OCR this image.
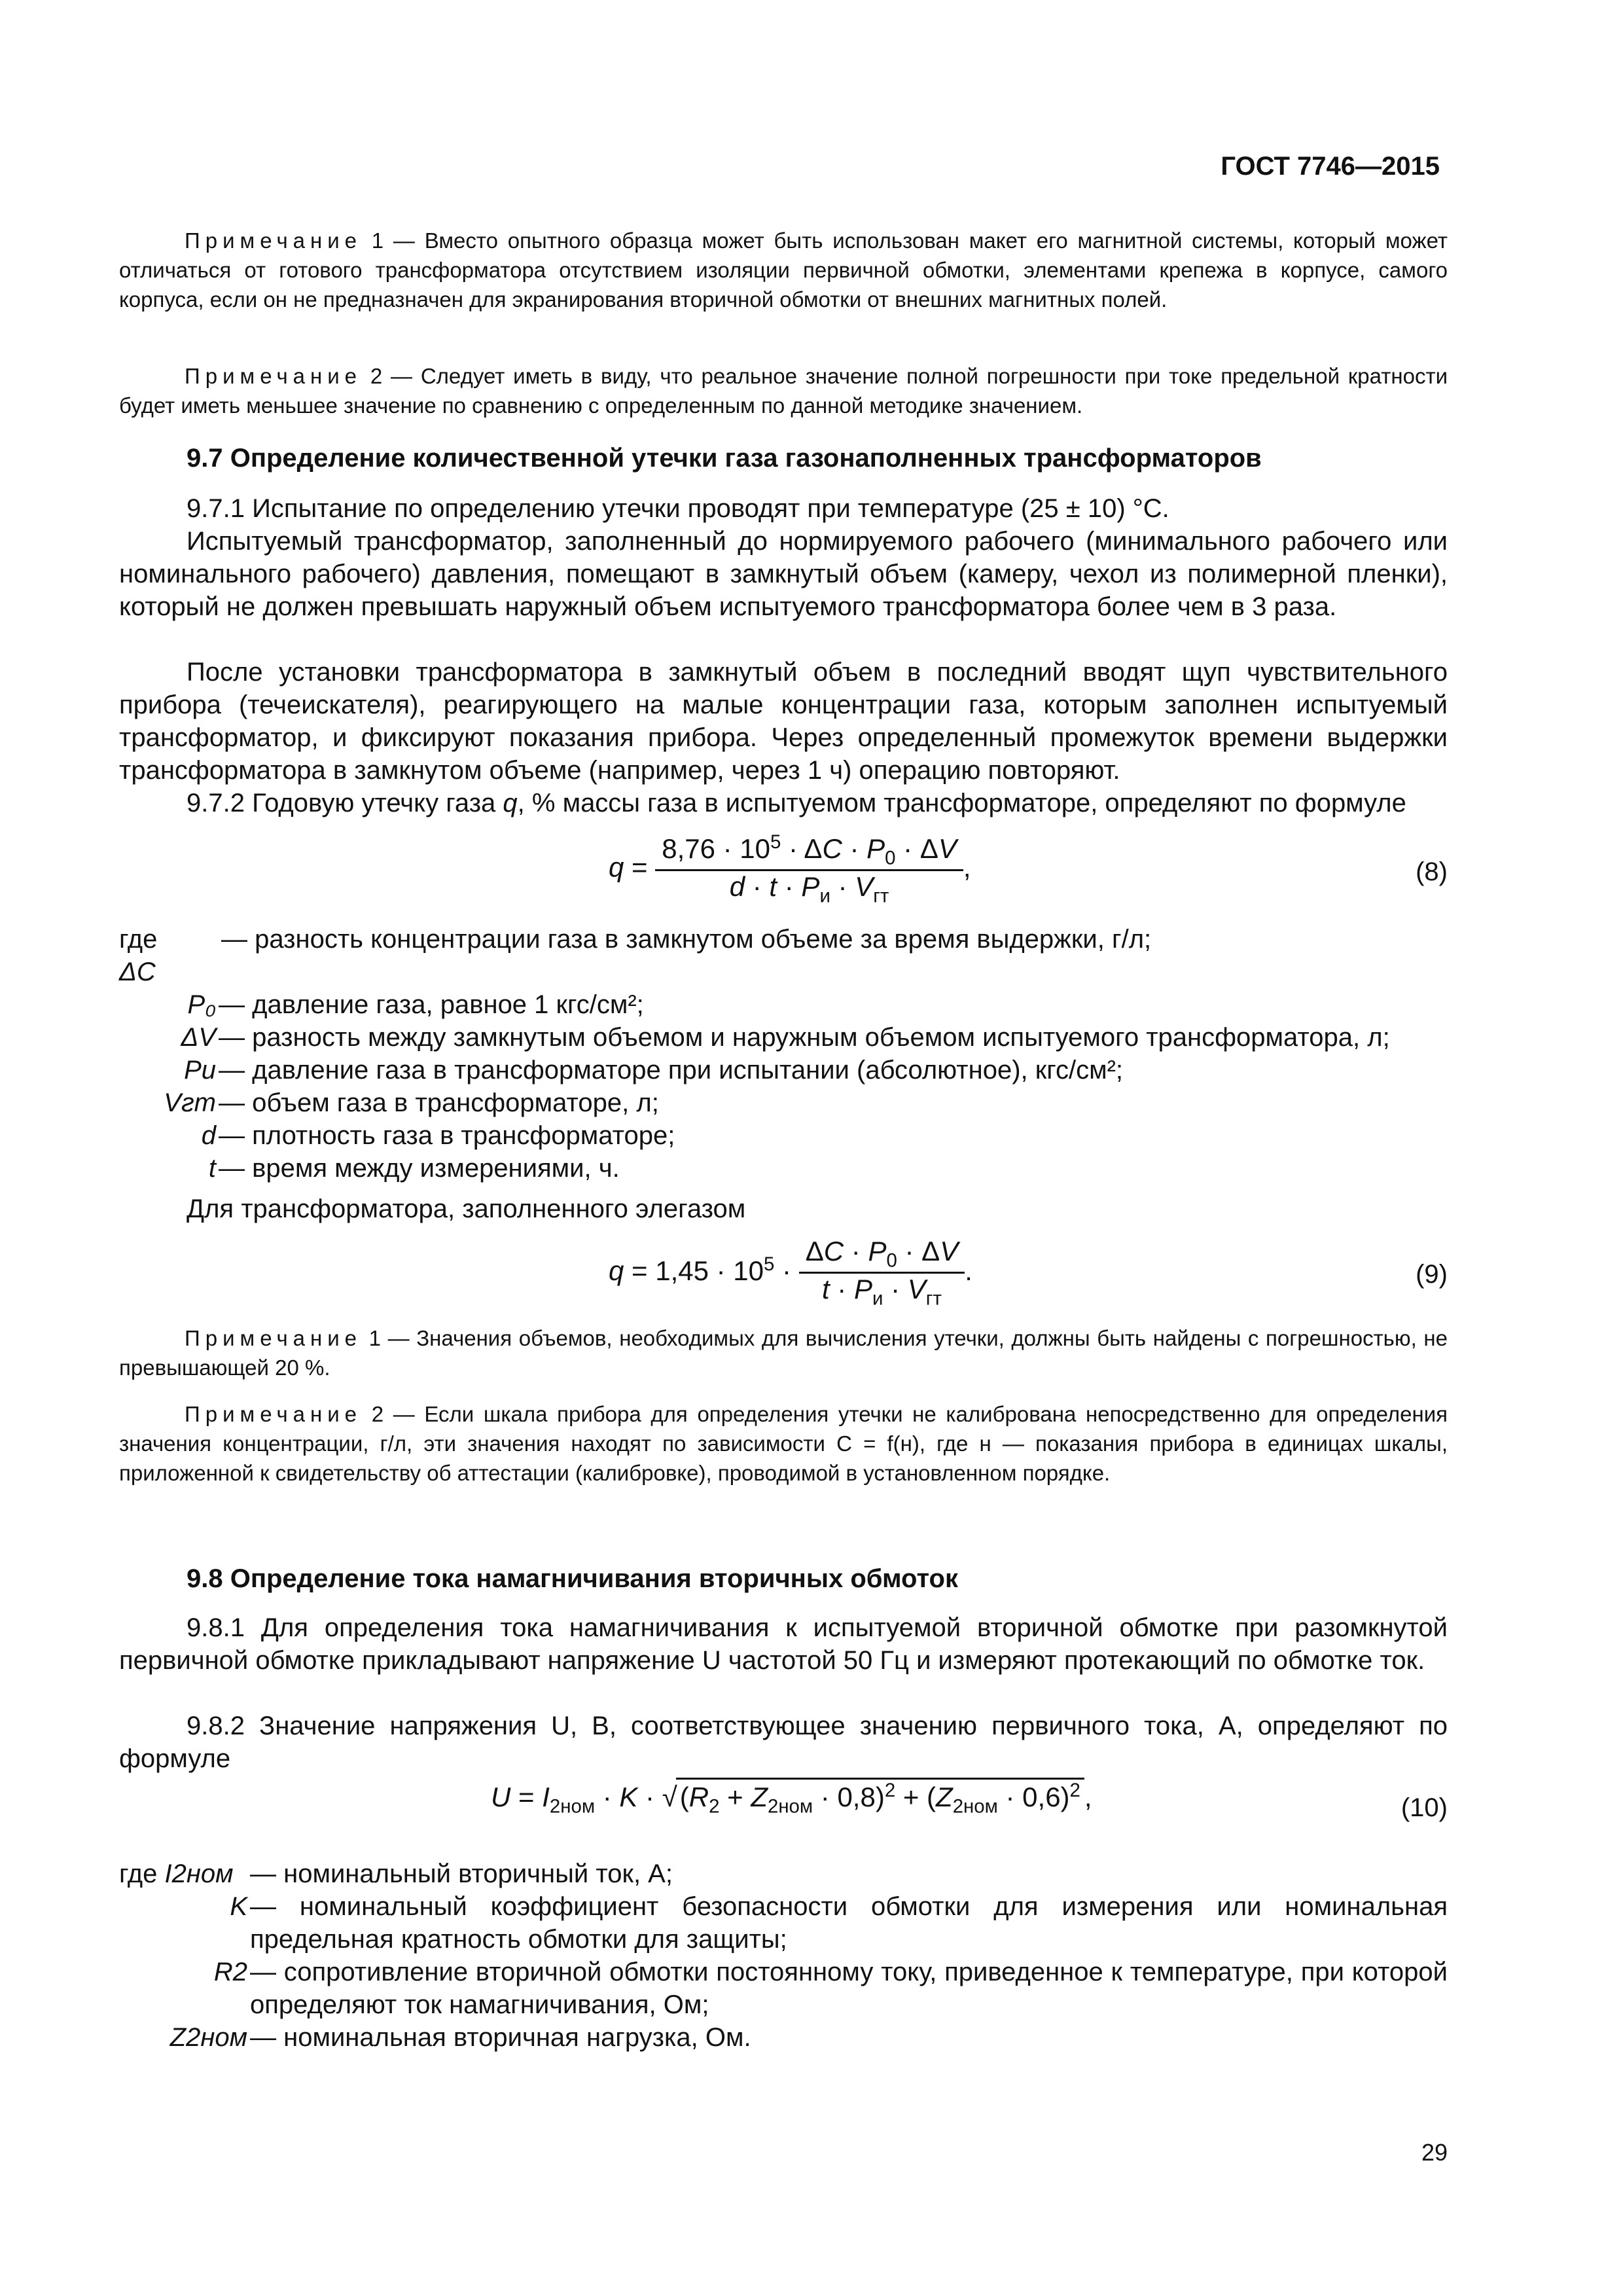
ГОСТ 7746—2015
Примечание 1 — Вместо опытного образца может быть использован макет его магнитной системы, который может отличаться от готового трансформатора отсутствием изоляции первичной обмотки, элементами крепежа в корпусе, самого корпуса, если он не предназначен для экранирования вторичной обмотки от внешних магнитных полей.
Примечание 2 — Следует иметь в виду, что реальное значение полной погрешности при токе предельной кратности будет иметь меньшее значение по сравнению с определенным по данной методике значением.
9.7 Определение количественной утечки газа газонаполненных трансформаторов
9.7.1 Испытание по определению утечки проводят при температуре (25 ± 10) °С.
Испытуемый трансформатор, заполненный до нормируемого рабочего (минимального рабочего или номинального рабочего) давления, помещают в замкнутый объем (камеру, чехол из полимерной пленки), который не должен превышать наружный объем испытуемого трансформатора более чем в 3 раза.
После установки трансформатора в замкнутый объем в последний вводят щуп чувствительного прибора (течеискателя), реагирующего на малые концентрации газа, которым заполнен испытуемый трансформатор, и фиксируют показания прибора. Через определенный промежуток времени выдержки трансформатора в замкнутом объеме (например, через 1 ч) операцию повторяют.
9.7.2 Годовую утечку газа q, % массы газа в испытуемом трансформаторе, определяют по формуле
$q = \frac{8,76 \cdot 10^5 \cdot \Delta C \cdot P_0 \cdot \Delta V}{d \cdot t \cdot P_и \cdot V_{гт}}$ ,	(8)
где ΔC
— разность концентрации газа в замкнутом объеме за время выдержки, г/л;
P₀ — давление газа, равное 1 кгс/см²;
ΔV — разность между замкнутым объемом и наружным объемом испытуемого трансформатора, л;
Pи — давление газа в трансформаторе при испытании (абсолютное), кгс/см²;
Vгт — объем газа в трансформаторе, л;
d — плотность газа в трансформаторе;
t — время между измерениями, ч.
Для трансформатора, заполненного элегазом
$q = 1,45 \cdot 10^5 \cdot \frac{\Delta C \cdot P_0 \cdot \Delta V}{t \cdot P_и \cdot V_{гт}}$ .	(9)
Примечание 1 — Значения объемов, необходимых для вычисления утечки, должны быть найдены с погрешностью, не превышающей 20 %.
Примечание 2 — Если шкала прибора для определения утечки не калибрована непосредственно для определения значения концентрации, г/л, эти значения находят по зависимости С = f(н), где н — показания прибора в единицах шкалы, приложенной к свидетельству об аттестации (калибровке), проводимой в установленном порядке.
9.8 Определение тока намагничивания вторичных обмоток
9.8.1 Для определения тока намагничивания к испытуемой вторичной обмотке при разомкнутой первичной обмотке прикладывают напряжение U частотой 50 Гц и измеряют протекающий по обмотке ток.
9.8.2 Значение напряжения U, В, соответствующее значению первичного тока, А, определяют по формуле
$U = I_{2ном} \cdot K \cdot √(R_2 + Z_{2ном} \cdot 0,8)^2 + (Z_{2ном} \cdot 0,6)^2$ ,	(10)
где I2ном — номинальный вторичный ток, А;
K — номинальный коэффициент безопасности обмотки для измерения или номинальная предельная кратность обмотки для защиты;
R2 — сопротивление вторичной обмотки постоянному току, приведенное к температуре, при которой определяют ток намагничивания, Ом;
Z2ном — номинальная вторичная нагрузка, Ом.
29
